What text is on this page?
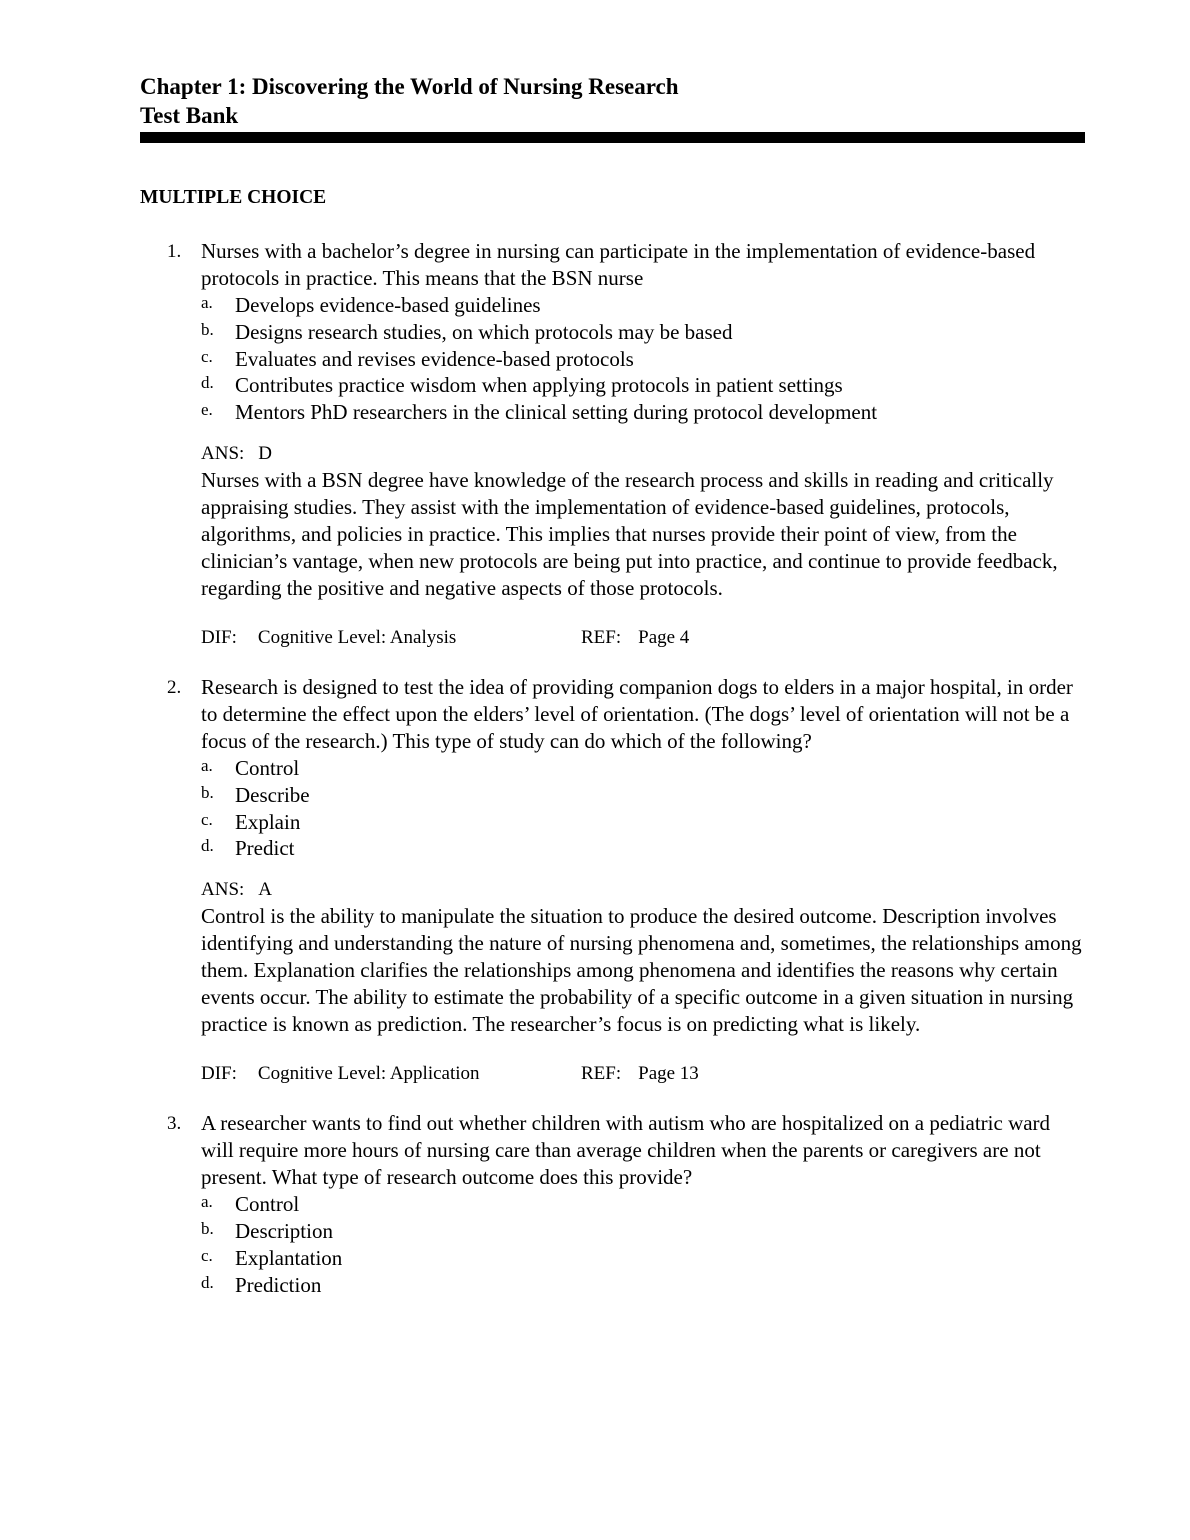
Chapter 1: Discovering the World of Nursing Research
Test Bank
MULTIPLE CHOICE
1. Nurses with a bachelor’s degree in nursing can participate in the implementation of evidence-based protocols in practice. This means that the BSN nurse

a. Develops evidence-based guidelines
b. Designs research studies, on which protocols may be based
c. Evaluates and revises evidence-based protocols
d. Contributes practice wisdom when applying protocols in patient settings
e. Mentors PhD researchers in the clinical setting during protocol development
ANS: D

Nurses with a BSN degree have knowledge of the research process and skills in reading and critically appraising studies. They assist with the implementation of evidence-based guidelines, protocols, algorithms, and policies in practice. This implies that nurses provide their point of view, from the clinician’s vantage, when new protocols are being put into practice, and continue to provide feedback, regarding the positive and negative aspects of those protocols.

DIF: Cognitive Level: Analysis	REF: Page 4
2. Research is designed to test the idea of providing companion dogs to elders in a major hospital, in order to determine the effect upon the elders’ level of orientation. (The dogs’ level of orientation will not be a focus of the research.) This type of study can do which of the following?

a. Control
b. Describe
c. Explain
d. Predict
ANS: A

Control is the ability to manipulate the situation to produce the desired outcome. Description involves identifying and understanding the nature of nursing phenomena and, sometimes, the relationships among them. Explanation clarifies the relationships among phenomena and identifies the reasons why certain events occur. The ability to estimate the probability of a specific outcome in a given situation in nursing practice is known as prediction. The researcher’s focus is on predicting what is likely.

DIF: Cognitive Level: Application	REF: Page 13
3. A researcher wants to find out whether children with autism who are hospitalized on a pediatric ward will require more hours of nursing care than average children when the parents or caregivers are not present. What type of research outcome does this provide?

a. Control
b. Description
c. Explantation
d. Prediction
